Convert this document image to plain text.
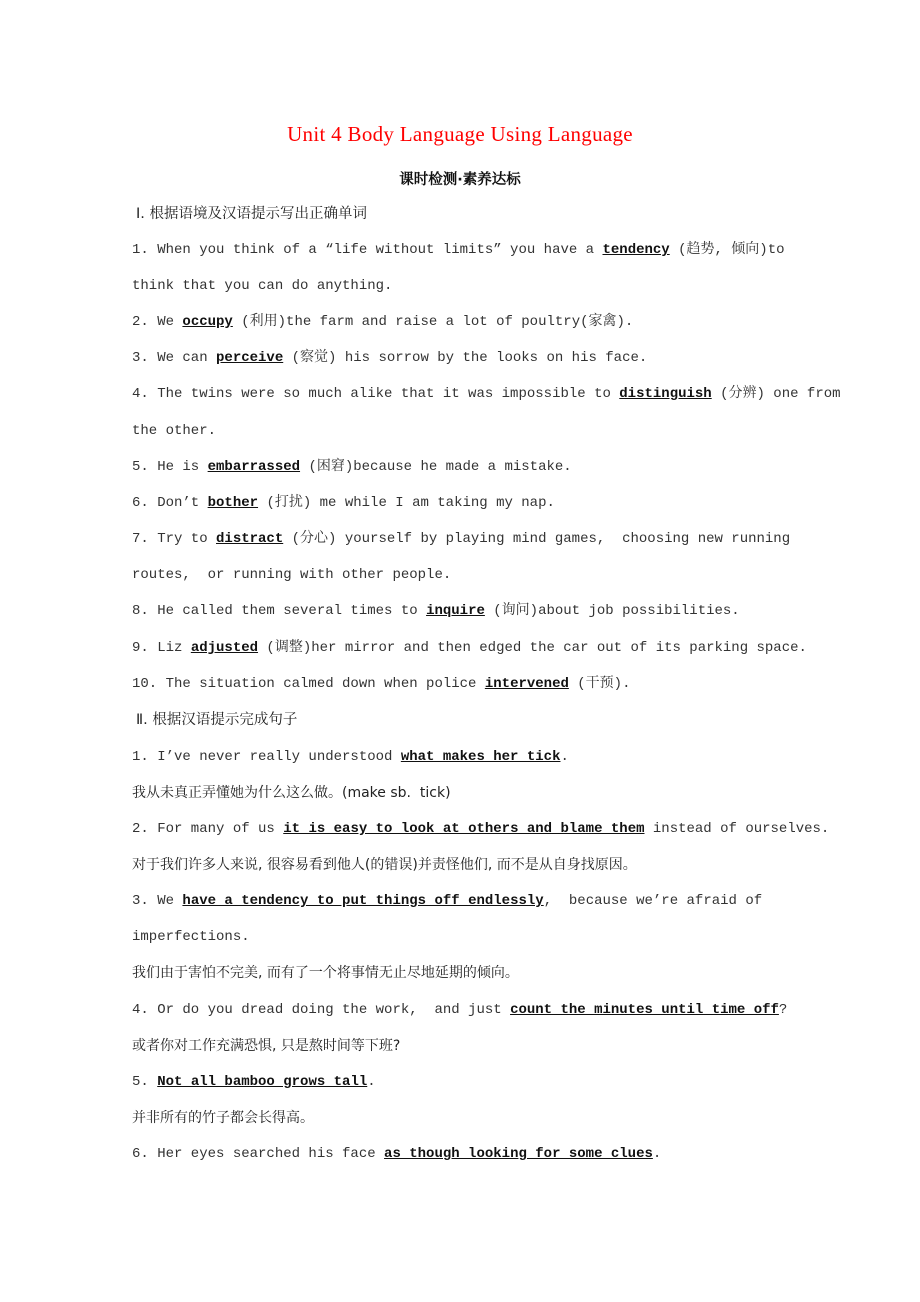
Unit 4 Body Language Using Language
课时检测·素养达标
Ⅰ. 根据语境及汉语提示写出正确单词
1. When you think of a “life without limits” you have a tendency (趋势, 倾向)to
think that you can do anything.
2. We occupy (利用)the farm and raise a lot of poultry(家禽).
3. We can perceive (察觉) his sorrow by the looks on his face.
4. The twins were so much alike that it was impossible to distinguish (分辨) one from
the other.
5. He is embarrassed (困窘)because he made a mistake.
6. Don’t bother (打扰) me while I am taking my nap.
7. Try to distract (分心) yourself by playing mind games,  choosing new running
routes,  or running with other people.
8. He called them several times to inquire (询问)about job possibilities.
9. Liz adjusted (调整)her mirror and then edged the car out of its parking space.
10. The situation calmed down when police intervened (干预).
Ⅱ. 根据汉语提示完成句子
1. I’ve never really understood what makes her tick.
我从未真正弄懂她为什么这么做。(make sb.  tick)
2. For many of us it is easy to look at others and blame them instead of ourselves.
对于我们许多人来说, 很容易看到他人(的错误)并责怪他们, 而不是从自身找原因。
3. We have a tendency to put things off endlessly,  because we’re afraid of
imperfections.
我们由于害怕不完美, 而有了一个将事情无止尽地延期的倾向。
4. Or do you dread doing the work,  and just count the minutes until time off?
或者你对工作充满恐惧, 只是熬时间等下班?
5. Not all bamboo grows tall.
并非所有的竹子都会长得高。
6. Her eyes searched his face as though looking for some clues.
